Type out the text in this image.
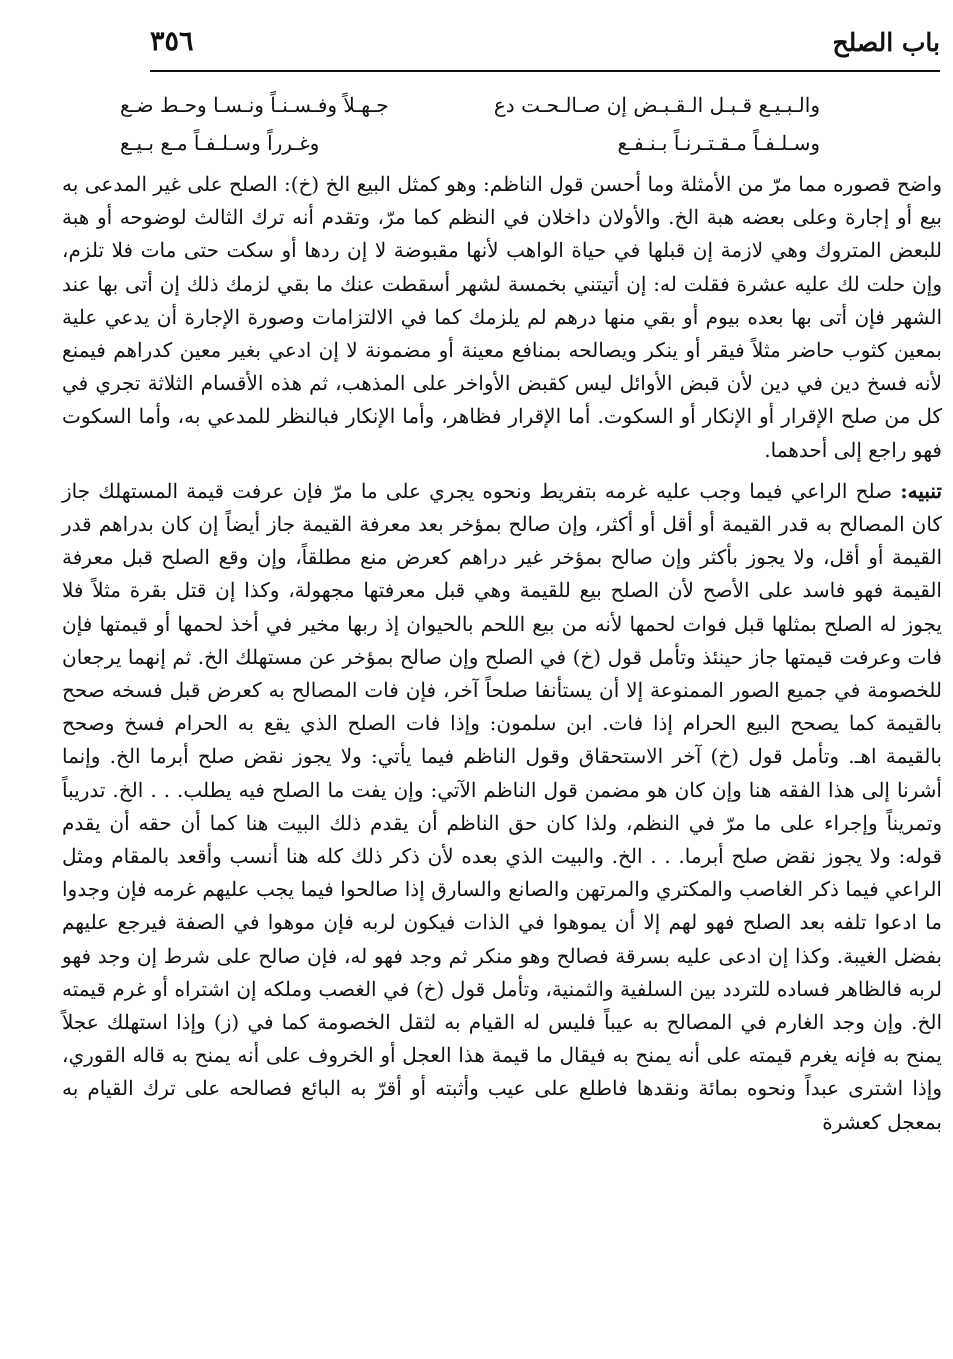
باب الصلح
٣٥٦
والـبـيـع قـبـل الـقـبـض إن صـالـحـت دع
جـهـلاً وفـسـنـاً ونـسـا وحـط ضـع
وسـلـفـاً مـقـتـرنـاً بـنـفـع
وغـرراً وسـلـفـاً مـع بـيـع

واضح قصوره مما مرّ من الأمثلة وما أحسن قول الناظم: وهو كمثل البيع الخ (خ): الصلح على غير المدعى به بيع أو إجارة وعلى بعضه هبة الخ. والأولان داخلان في النظم كما مرّ، وتقدم أنه ترك الثالث لوضوحه أو هبة للبعض المتروك وهي لازمة إن قبلها في حياة الواهب لأنها مقبوضة لا إن ردها أو سكت حتى مات فلا تلزم، وإن حلت لك عليه عشرة فقلت له: إن أتيتني بخمسة لشهر أسقطت عنك ما بقي لزمك ذلك إن أتى بها عند الشهر فإن أتى بها بعده بيوم أو بقي منها درهم لم يلزمك كما في الالتزامات وصورة الإجارة أن يدعي علية بمعين كثوب حاضر مثلاً فيقر أو ينكر ويصالحه بمنافع معينة أو مضمونة لا إن ادعي بغير معين كدراهم فيمنع لأنه فسخ دين في دين لأن قبض الأوائل ليس كقبض الأواخر على المذهب، ثم هذه الأقسام الثلاثة تجري في كل من صلح الإقرار أو الإنكار أو السكوت. أما الإقرار فظاهر، وأما الإنكار فبالنظر للمدعي به، وأما السكوت فهو راجع إلى أحدهما.

تنبيه: صلح الراعي فيما وجب عليه غرمه بتفريط ونحوه يجري على ما مرّ فإن عرفت قيمة المستهلك جاز كان المصالح به قدر القيمة أو أقل أو أكثر، وإن صالح بمؤخر بعد معرفة القيمة جاز أيضاً إن كان بدراهم قدر القيمة أو أقل، ولا يجوز بأكثر وإن صالح بمؤخر غير دراهم كعرض منع مطلقاً، وإن وقع الصلح قبل معرفة القيمة فهو فاسد على الأصح لأن الصلح بيع للقيمة وهي قبل معرفتها مجهولة، وكذا إن قتل بقرة مثلاً فلا يجوز له الصلح بمثلها قبل فوات لحمها لأنه من بيع اللحم بالحيوان إذ ربها مخير في أخذ لحمها أو قيمتها فإن فات وعرفت قيمتها جاز حينئذ وتأمل قول (خ) في الصلح وإن صالح بمؤخر عن مستهلك الخ. ثم إنهما يرجعان للخصومة في جميع الصور الممنوعة إلا أن يستأنفا صلحاً آخر، فإن فات المصالح به كعرض قبل فسخه صحح بالقيمة كما يصحح البيع الحرام إذا فات. ابن سلمون: وإذا فات الصلح الذي يقع به الحرام فسخ وصحح بالقيمة اهـ. وتأمل قول (خ) آخر الاستحقاق وقول الناظم فيما يأتي: ولا يجوز نقض صلح أبرما الخ. وإنما أشرنا إلى هذا الفقه هنا وإن كان هو مضمن قول الناظم الآتي: وإن يفت ما الصلح فيه يطلب. . . الخ. تدريباً وتمريناً وإجراء على ما مرّ في النظم، ولذا كان حق الناظم أن يقدم ذلك البيت هنا كما أن حقه أن يقدم قوله: ولا يجوز نقض صلح أبرما. . . الخ. والبيت الذي بعده لأن ذكر ذلك كله هنا أنسب وأقعد بالمقام ومثل الراعي فيما ذكر الغاصب والمكتري والمرتهن والصانع والسارق إذا صالحوا فيما يجب عليهم غرمه فإن وجدوا ما ادعوا تلفه بعد الصلح فهو لهم إلا أن يموهوا في الذات فيكون لربه فإن موهوا في الصفة فيرجع عليهم بفضل الغيبة. وكذا إن ادعى عليه بسرقة فصالح وهو منكر ثم وجد فهو له، فإن صالح على شرط إن وجد فهو لربه فالظاهر فساده للتردد بين السلفية والثمنية، وتأمل قول (خ) في الغصب وملكه إن اشتراه أو غرم قيمته الخ. وإن وجد الغارم في المصالح به عيباً فليس له القيام به لثقل الخصومة كما في (ز) وإذا استهلك عجلاً يمنح به فإنه يغرم قيمته على أنه يمنح به فيقال ما قيمة هذا العجل أو الخروف على أنه يمنح به قاله القوري، وإذا اشترى عبداً ونحوه بمائة ونقدها فاطلع على عيب وأثبته أو أقرّ به البائع فصالحه على ترك القيام به بمعجل كعشرة
